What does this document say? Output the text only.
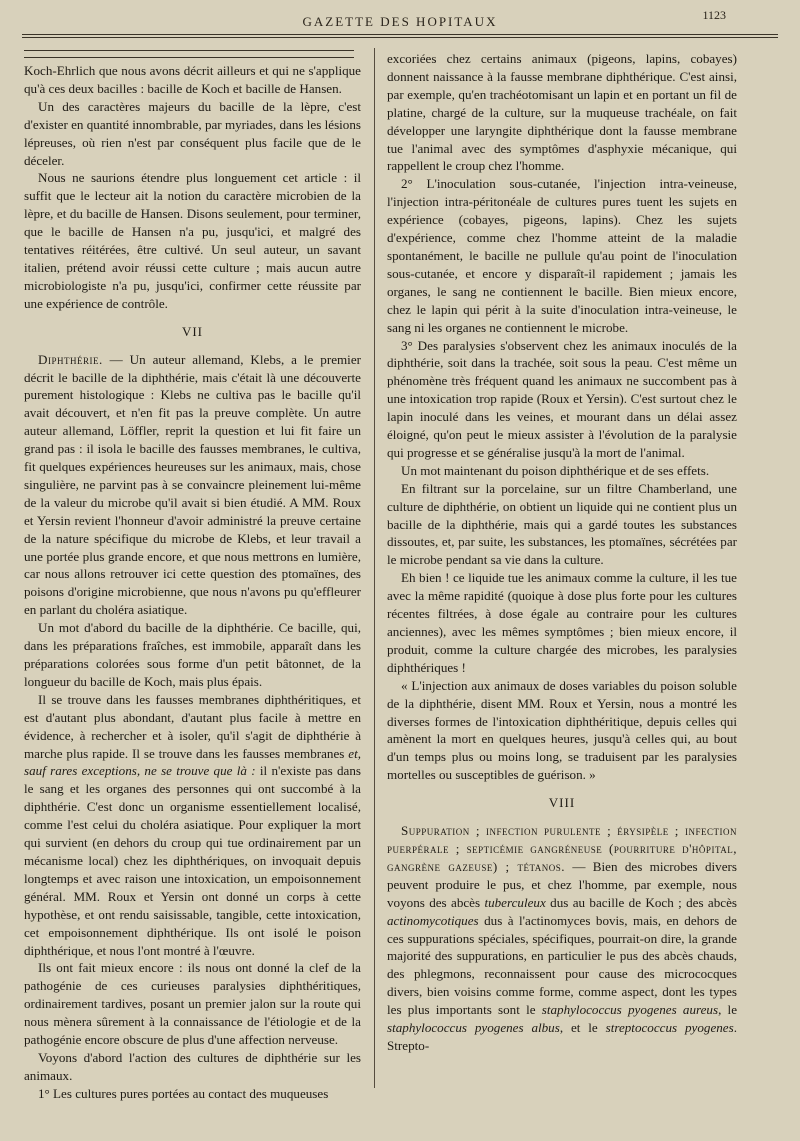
GAZETTE DES HOPITAUX	1123

Koch-Ehrlich que nous avons décrit ailleurs et qui ne s'applique qu'à ces deux bacilles : bacille de Koch et bacille de Hansen.

Un des caractères majeurs du bacille de la lèpre, c'est d'exister en quantité innombrable, par myriades, dans les lésions lépreuses, où rien n'est par conséquent plus facile que de le déceler.

Nous ne saurions étendre plus longuement cet article : il suffit que le lecteur ait la notion du caractère microbien de la lèpre, et du bacille de Hansen. Disons seulement, pour terminer, que le bacille de Hansen n'a pu, jusqu'ici, et malgré des tentatives réitérées, être cultivé. Un seul auteur, un savant italien, prétend avoir réussi cette culture ; mais aucun autre microbiologiste n'a pu, jusqu'ici, confirmer cette réussite par une expérience de contrôle.

VII

Diphthérie. — Un auteur allemand, Klebs, a le premier décrit le bacille de la diphthérie, mais c'était là une découverte purement histologique : Klebs ne cultiva pas le bacille qu'il avait découvert, et n'en fit pas la preuve complète. Un autre auteur allemand, Löffler, reprit la question et lui fit faire un grand pas : il isola le bacille des fausses membranes, le cultiva, fit quelques expériences heureuses sur les animaux, mais, chose singulière, ne parvint pas à se convaincre pleinement lui-même de la valeur du microbe qu'il avait si bien étudié. A MM. Roux et Yersin revient l'honneur d'avoir administré la preuve certaine de la nature spécifique du microbe de Klebs, et leur travail a une portée plus grande encore, et que nous mettrons en lumière, car nous allons retrouver ici cette question des ptomaïnes, des poisons d'origine microbienne, que nous n'avons pu qu'effleurer en parlant du choléra asiatique.

Un mot d'abord du bacille de la diphthérie. Ce bacille, qui, dans les préparations fraîches, est immobile, apparaît dans les préparations colorées sous forme d'un petit bâtonnet, de la longueur du bacille de Koch, mais plus épais.

Il se trouve dans les fausses membranes diphthéritiques, et est d'autant plus abondant, d'autant plus facile à mettre en évidence, à rechercher et à isoler, qu'il s'agit de diphthérie à marche plus rapide. Il se trouve dans les fausses membranes et, sauf rares exceptions, ne se trouve que là : il n'existe pas dans le sang et les organes des personnes qui ont succombé à la diphthérie. C'est donc un organisme essentiellement localisé, comme l'est celui du choléra asiatique. Pour expliquer la mort qui survient (en dehors du croup qui tue ordinairement par un mécanisme local) chez les diphthériques, on invoquait depuis longtemps et avec raison une intoxication, un empoisonnement général. MM. Roux et Yersin ont donné un corps à cette hypothèse, et ont rendu saisissable, tangible, cette intoxication, cet empoisonnement diphthérique. Ils ont isolé le poison diphthérique, et nous l'ont montré à l'œuvre.

Ils ont fait mieux encore : ils nous ont donné la clef de la pathogénie de ces curieuses paralysies diphthéritiques, ordinairement tardives, posant un premier jalon sur la route qui nous mènera sûrement à la connaissance de l'étiologie et de la pathogénie encore obscure de plus d'une affection nerveuse.

Voyons d'abord l'action des cultures de diphthérie sur les animaux.

1° Les cultures pures portées au contact des muqueuses

excoriées chez certains animaux (pigeons, lapins, cobayes) donnent naissance à la fausse membrane diphthérique. C'est ainsi, par exemple, qu'en trachéotomisant un lapin et en portant un fil de platine, chargé de la culture, sur la muqueuse trachéale, on fait développer une laryngite diphthérique dont la fausse membrane tue l'animal avec des symptômes d'asphyxie mécanique, qui rappellent le croup chez l'homme.

2° L'inoculation sous-cutanée, l'injection intra-veineuse, l'injection intra-péritonéale de cultures pures tuent les sujets en expérience (cobayes, pigeons, lapins). Chez les sujets d'expérience, comme chez l'homme atteint de la maladie spontanément, le bacille ne pullule qu'au point de l'inoculation sous-cutanée, et encore y disparaît-il rapidement ; jamais les organes, le sang ne contiennent le bacille. Bien mieux encore, chez le lapin qui périt à la suite d'inoculation intra-veineuse, le sang ni les organes ne contiennent le microbe.

3° Des paralysies s'observent chez les animaux inoculés de la diphthérie, soit dans la trachée, soit sous la peau. C'est même un phénomène très fréquent quand les animaux ne succombent pas à une intoxication trop rapide (Roux et Yersin). C'est surtout chez le lapin inoculé dans les veines, et mourant dans un délai assez éloigné, qu'on peut le mieux assister à l'évolution de la paralysie qui progresse et se généralise jusqu'à la mort de l'animal.

Un mot maintenant du poison diphthérique et de ses effets.

En filtrant sur la porcelaine, sur un filtre Chamberland, une culture de diphthérie, on obtient un liquide qui ne contient plus un bacille de la diphthérie, mais qui a gardé toutes les substances dissoutes, et, par suite, les substances, les ptomaïnes, sécrétées par le microbe pendant sa vie dans la culture.

Eh bien ! ce liquide tue les animaux comme la culture, il les tue avec la même rapidité (quoique à dose plus forte pour les cultures récentes filtrées, à dose égale au contraire pour les cultures anciennes), avec les mêmes symptômes ; bien mieux encore, il produit, comme la culture chargée des microbes, les paralysies diphthériques !

« L'injection aux animaux de doses variables du poison soluble de la diphthérie, disent MM. Roux et Yersin, nous a montré les diverses formes de l'intoxication diphthéritique, depuis celles qui amènent la mort en quelques heures, jusqu'à celles qui, au bout d'un temps plus ou moins long, se traduisent par les paralysies mortelles ou susceptibles de guérison. »

VIII

Suppuration ; infection purulente ; érysipèle ; infection puerpérale ; septicémie gangréneuse (pourriture d'hôpital, gangrène gazeuse) ; tétanos. — Bien des microbes divers peuvent produire le pus, et chez l'homme, par exemple, nous voyons des abcès tuberculeux dus au bacille de Koch ; des abcès actinomycotiques dus à l'actinomyces bovis, mais, en dehors de ces suppurations spéciales, spécifiques, pourrait-on dire, la grande majorité des suppurations, en particulier le pus des abcès chauds, des phlegmons, reconnaissent pour cause des micrococques divers, bien voisins comme forme, comme aspect, dont les types les plus importants sont le staphylococcus pyogenes aureus, le staphylococcus pyogenes albus, et le streptococcus pyogenes. Strepto-
